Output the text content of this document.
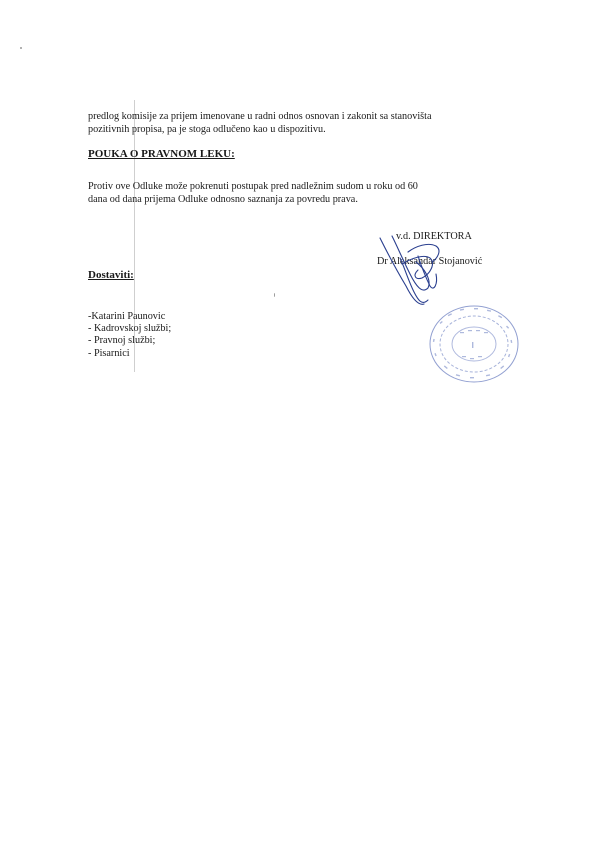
predlog komisije za prijem imenovane u radni odnos osnovan i zakonit sa stanovišta
pozitivnih propisa, pa je stoga odlučeno kao u dispozitivu.
POUKA O PRAVNOM LEKU:
Protiv ove Odluke može pokrenuti postupak pred nadležnim sudom u roku od 60
dana od dana prijema Odluke odnosno saznanja za povredu prava.
v.d. DIREKTORA
Dr Aleksandar Stojanović
Dostaviti:
-Katarini Paunovic
- Kadrovskoj službi;
- Pravnoj službi;
- Pisarnici
